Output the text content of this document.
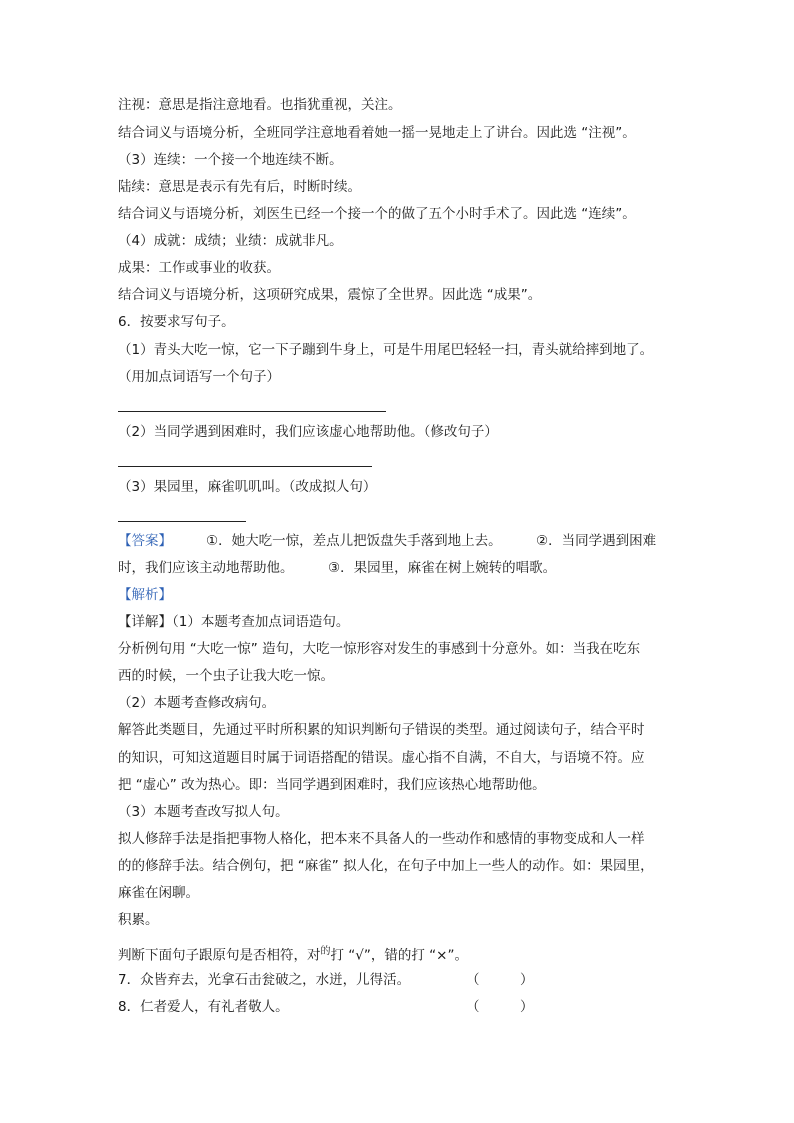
注视：意思是指注意地看。也指犹重视，关注。
结合词义与语境分析，全班同学注意地看着她一摇一晃地走上了讲台。因此选 “注视”。
（3）连续：一个接一个地连续不断。
陆续：意思是表示有先有后，时断时续。
结合词义与语境分析，刘医生已经一个接一个的做了五个小时手术了。因此选 “连续”。
（4）成就：成绩；业绩：成就非凡。
成果：工作或事业的收获。
结合词义与语境分析，这项研究成果，震惊了全世界。因此选 “成果”。
6．按要求写句子。
（1）青头大吃一惊，它一下子蹦到牛身上，可是牛用尾巴轻轻一扫，青头就给摔到地了。
（用加点词语写一个句子）
（2）当同学遇到困难时，我们应该虚心地帮助他。（修改句子）
（3）果园里，麻雀叽叽叫。（改成拟人句）
【答案】	①．她大吃一惊，差点儿把饭盘失手落到地上去。	②．当同学遇到困难
时，我们应该主动地帮助他。	③．果园里，麻雀在树上婉转的唱歌。
【解析】
【详解】（1）本题考查加点词语造句。
分析例句用 “大吃一惊” 造句，大吃一惊形容对发生的事感到十分意外。如：当我在吃东
西的时候，一个虫子让我大吃一惊。
（2）本题考查修改病句。
解答此类题目，先通过平时所积累的知识判断句子错误的类型。通过阅读句子，结合平时
的知识，可知这道题目时属于词语搭配的错误。虚心指不自满，不自大，与语境不符。应
把 “虚心” 改为热心。即：当同学遇到困难时，我们应该热心地帮助他。
（3）本题考查改写拟人句。
拟人修辞手法是指把事物人格化，把本来不具备人的一些动作和感情的事物变成和人一样
的的修辞手法。结合例句，把 “麻雀” 拟人化，在句子中加上一些人的动作。如：果园里，
麻雀在闲聊。
积累。
判断下面句子跟原句是否相符，对$^的$打 “√”，错的打 “×”。
7．众皆弃去，光拿石击瓮破之，水迸，儿得活。	（　　　）
8．仁者爱人，有礼者敬人。	（　　　）
